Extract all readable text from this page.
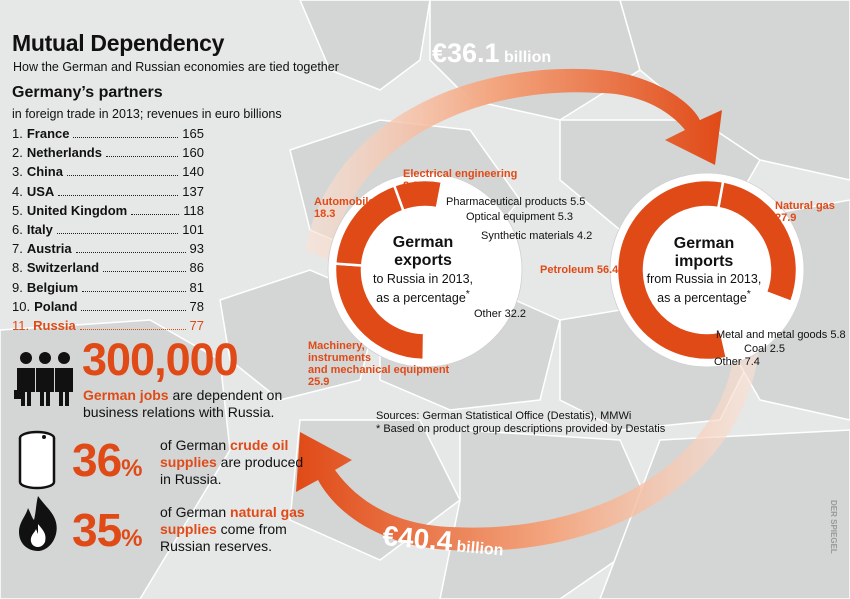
Mutual Dependency
How the German and Russian economies are tied together
Germany’s partners
in foreign trade in 2013; revenues in euro billions
1. France	165
2. Netherlands	160
3. China	140
4. USA	137
5. United Kingdom	118
6. Italy	101
7. Austria	93
8. Switzerland	86
9. Belgium	81
10. Poland	78
11. Russia	77
300,000
German jobs are dependent on
business relations with Russia.
36%
of German crude oil
supplies are produced
in Russia.
35%
of German natural gas
supplies come from
Russian reserves.
€36.1 billion
€40.4 billion
German
exports
to Russia in 2013,
as a percentage*
German
imports
from Russia in 2013,
as a percentage*
Electrical engineering
8.6
Pharmaceutical products 5.5
Optical equipment 5.3
Synthetic materials 4.2
Other 32.2
Machinery,
instruments
and mechanical equipment
25.9
Automobiles
18.3
Natural gas
27.9
Metal and metal goods 5.8
Coal 2.5
Other 7.4
Petroleum 56.4
Sources: German Statistical Office (Destatis), MMWi
* Based on product group descriptions provided by Destatis
DER SPIEGEL
